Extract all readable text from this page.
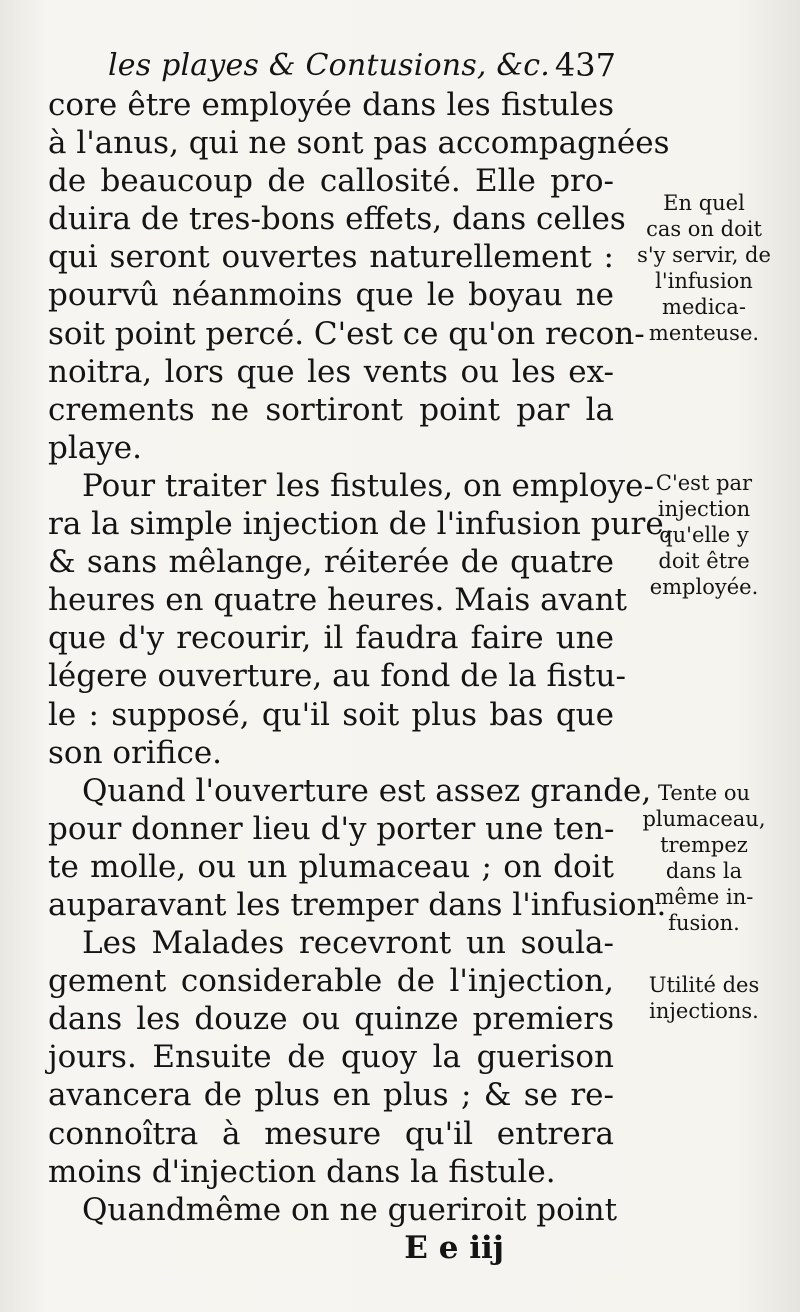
les playes & Contusions, &c. 437
core être employée dans les fistules
à l'anus, qui ne sont pas accompagnées
de beaucoup de callosité. Elle pro-
duira de tres-bons effets, dans celles
qui seront ouvertes naturellement :
pourvû néanmoins que le boyau ne
soit point percé. C'est ce qu'on recon-
noitra, lors que les vents ou les ex-
crements ne sortiront point par la
playe.
Pour traiter les fistules, on employe-
ra la simple injection de l'infusion pure,
& sans mêlange, réiterée de quatre
heures en quatre heures. Mais avant
que d'y recourir, il faudra faire une
légere ouverture, au fond de la fistu-
le : supposé, qu'il soit plus bas que
son orifice.
Quand l'ouverture est assez grande,
pour donner lieu d'y porter une ten-
te molle, ou un plumaceau ; on doit
auparavant les tremper dans l'infusion.
Les Malades recevront un soula-
gement considerable de l'injection,
dans les douze ou quinze premiers
jours. Ensuite de quoy la guerison
avancera de plus en plus ; & se re-
connoîtra à mesure qu'il entrera
moins d'injection dans la fistule.
Quandmême on ne gueriroit point
E e iij
En quel
cas on doit
s'y servir, de
l'infusion
medica-
menteuse.
C'est par
injection
qu'elle y
doit être
employée.
Tente ou
plumaceau,
trempez
dans la
même in-
fusion.
Utilité des
injections.
